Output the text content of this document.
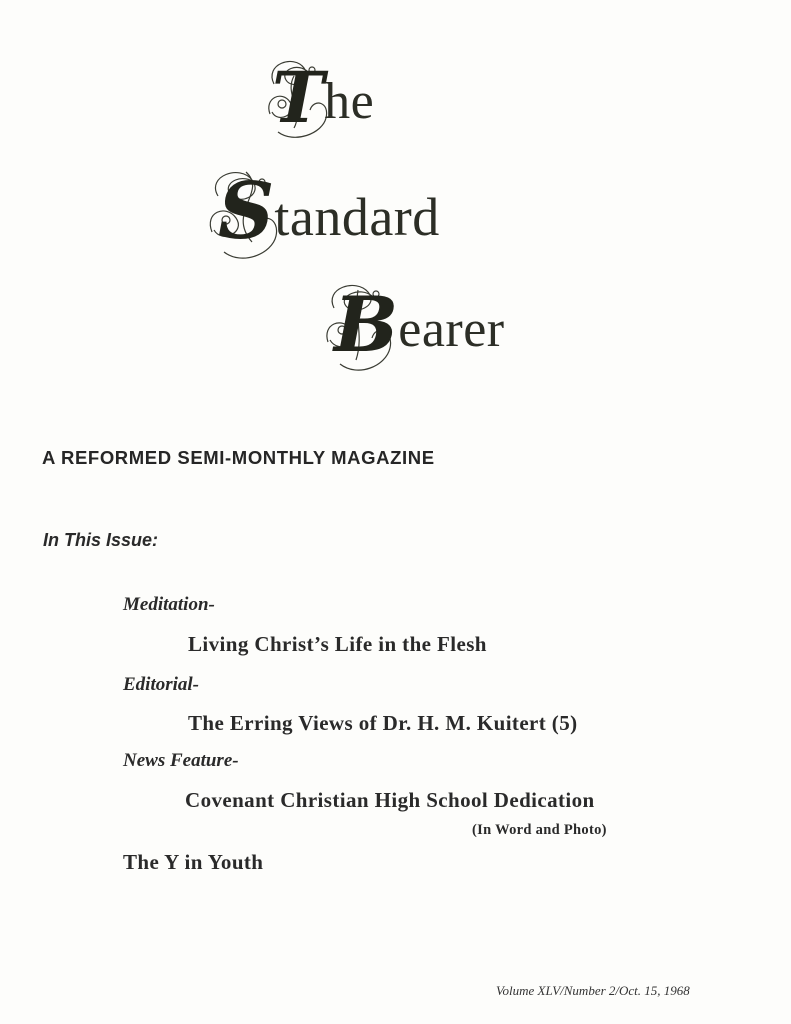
T he
S tandard
B earer
A REFORMED SEMI-MONTHLY MAGAZINE
In This Issue:
Meditation-
Living Christ’s Life in the Flesh
Editorial-
The Erring Views of Dr. H. M. Kuitert (5)
News Feature-
Covenant Christian High School Dedication
(In Word and Photo)
The Y in Youth
Volume XLV/Number 2/Oct. 15, 1968
